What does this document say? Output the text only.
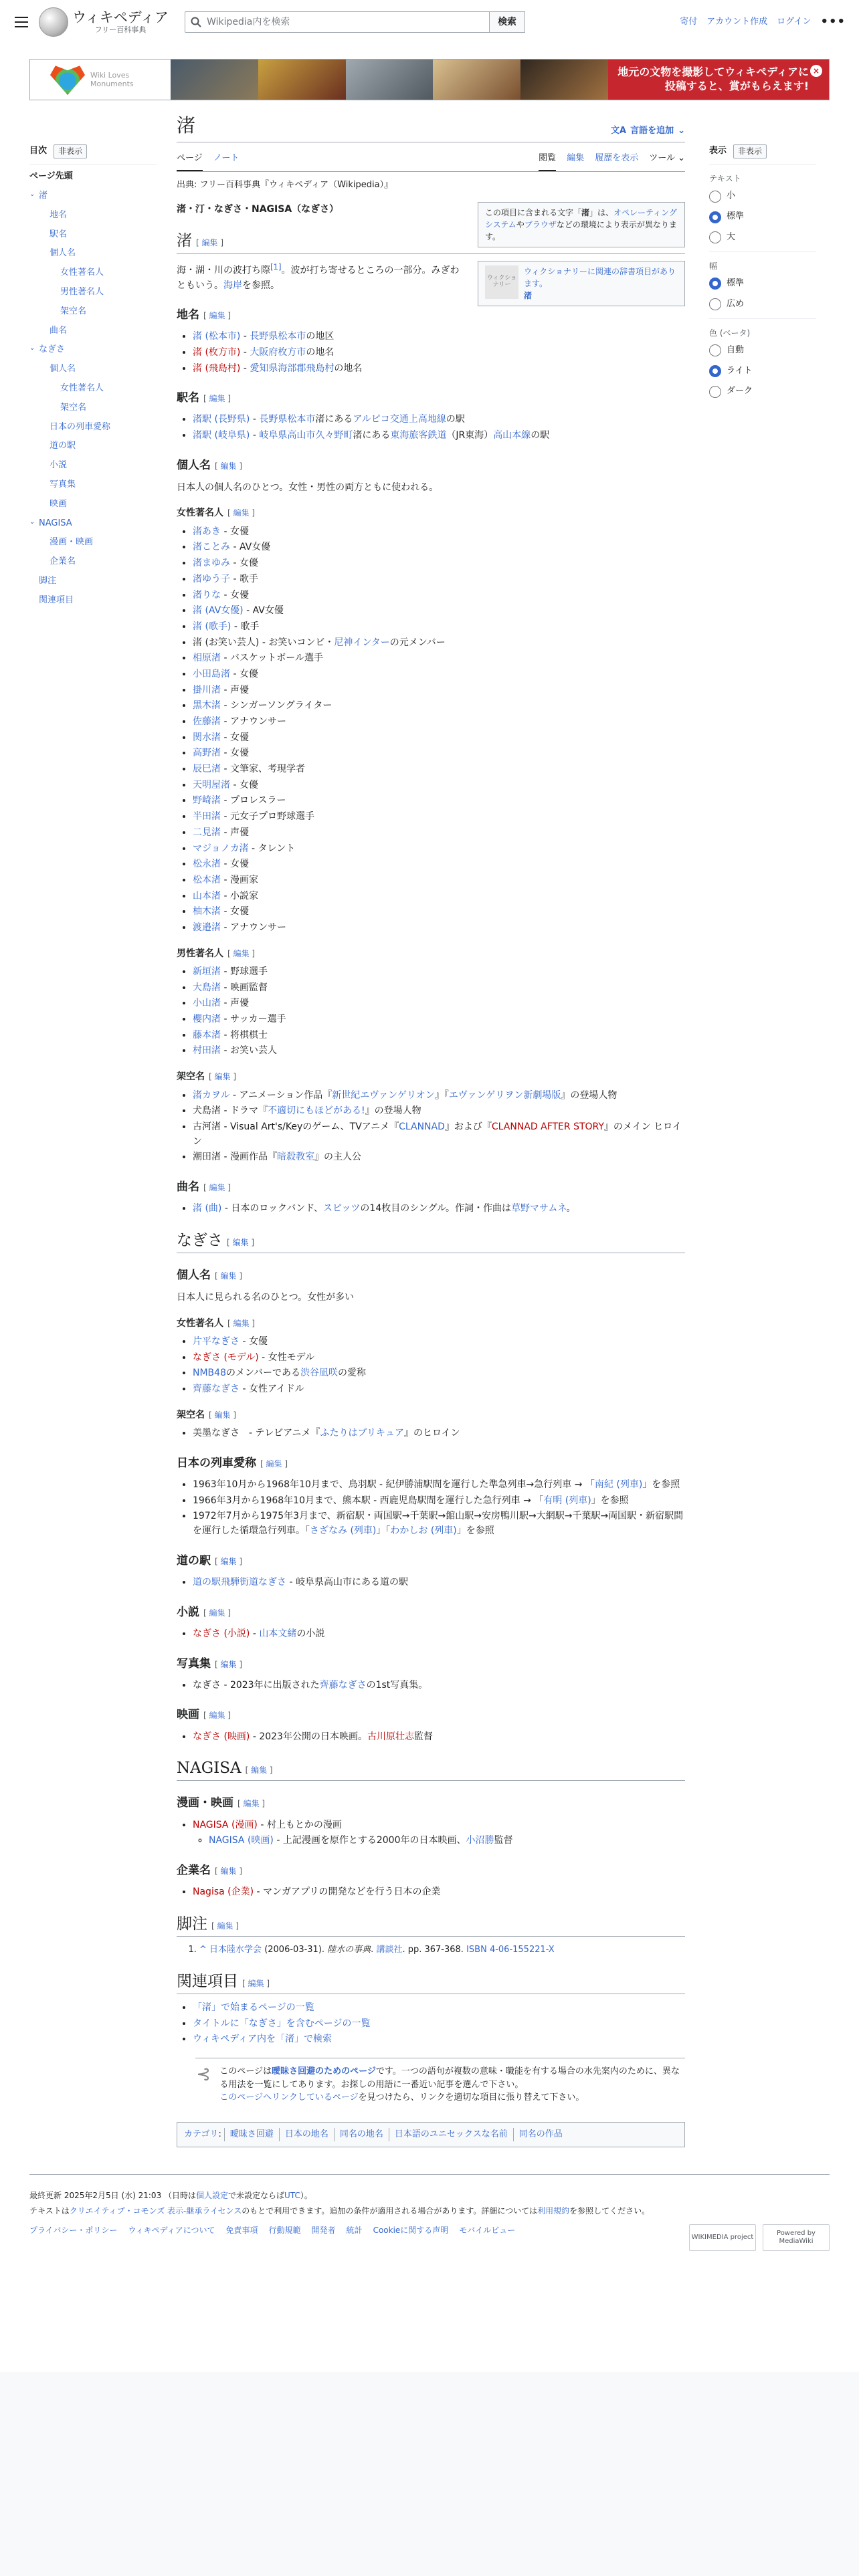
ウィキペディア
フリー百科事典
Wikipedia内を検索	検索	寄付 アカウント作成 ログイン •••
Wiki Loves
Monuments
地元の文物を撮影してウィキペディアに投稿すると、賞がもらえます!
×
目次	非表示
ページ先頭
⌄ 渚
地名
駅名
個人名
女性著名人
男性著名人
架空名
曲名
⌄ なぎさ
個人名
女性著名人
架空名
日本の列車愛称
道の駅
小説
写真集
映画
⌄ NAGISA
漫画・映画
企業名
脚注
関連項目
渚	文A 言語を追加 ⌄
ページ ノート	閲覧 編集 履歴を表示 ツール ⌄
出典: フリー百科事典『ウィキペディア（Wikipedia）』
この項目に含まれる文字「渚」は、オペレーティングシステムやブラウザなどの環境により表示が異なります。

渚・汀・なぎさ・NAGISA（なぎさ）

渚 [ 編集 ]
ウィクショナリー
ウィクショナリーに関連の辞書項目があります。
渚

海・湖・川の波打ち際[1]。波が打ち寄せるところの一部分。みぎわともいう。海岸を参照。

地名 [ 編集 ]
• 渚 (松本市) - 長野県松本市の地区
• 渚 (枚方市) - 大阪府枚方市の地名
• 渚 (飛島村) - 愛知県海部郡飛島村の地名
駅名 [ 編集 ]
• 渚駅 (長野県) - 長野県松本市渚にあるアルピコ交通上高地線の駅
• 渚駅 (岐阜県) - 岐阜県高山市久々野町渚にある東海旅客鉄道（JR東海）高山本線の駅
個人名 [ 編集 ]

日本人の個人名のひとつ。女性・男性の両方ともに使われる。

女性著名人 [ 編集 ]
• 渚あき - 女優
• 渚ことみ - AV女優
• 渚まゆみ - 女優
• 渚ゆう子 - 歌手
• 渚りな - 女優
• 渚 (AV女優) - AV女優
• 渚 (歌手) - 歌手
• 渚 (お笑い芸人) - お笑いコンビ・尼神インターの元メンバー
• 相原渚 - バスケットボール選手
• 小田島渚 - 女優
• 掛川渚 - 声優
• 黒木渚 - シンガーソングライター
• 佐藤渚 - アナウンサー
• 関水渚 - 女優
• 高野渚 - 女優
• 辰巳渚 - 文筆家、考現学者
• 天明屋渚 - 女優
• 野崎渚 - プロレスラー
• 半田渚 - 元女子プロ野球選手
• 二見渚 - 声優
• マジョノカ渚 - タレント
• 松永渚 - 女優
• 松本渚 - 漫画家
• 山本渚 - 小説家
• 柚木渚 - 女優
• 渡邉渚 - アナウンサー
男性著名人 [ 編集 ]
• 新垣渚 - 野球選手
• 大島渚 - 映画監督
• 小山渚 - 声優
• 櫻内渚 - サッカー選手
• 藤本渚 - 将棋棋士
• 村田渚 - お笑い芸人
架空名 [ 編集 ]
• 渚カヲル - アニメーション作品『新世紀エヴァンゲリオン』『エヴァンゲリヲン新劇場版』の登場人物
• 犬島渚 - ドラマ『不適切にもほどがある!』の登場人物
• 古河渚 - Visual Art's/Keyのゲーム、TVアニメ『CLANNAD』および『CLANNAD AFTER STORY』のメイン ヒロイン
• 潮田渚 - 漫画作品『暗殺教室』の主人公
曲名 [ 編集 ]
• 渚 (曲) - 日本のロックバンド、スピッツの14枚目のシングル。作詞・作曲は草野マサムネ。
なぎさ [ 編集 ]
個人名 [ 編集 ]

日本人に見られる名のひとつ。女性が多い

女性著名人 [ 編集 ]
• 片平なぎさ - 女優
• なぎさ (モデル) - 女性モデル
• NMB48のメンバーである渋谷凪咲の愛称
• 齊藤なぎさ - 女性アイドル
架空名 [ 編集 ]
• 美墨なぎさ　- テレビアニメ『ふたりはプリキュア』のヒロイン
日本の列車愛称 [ 編集 ]
• 1963年10月から1968年10月まで、鳥羽駅 - 紀伊勝浦駅間を運行した準急列車→急行列車 → 「南紀 (列車)」を参照
• 1966年3月から1968年10月まで、熊本駅 - 西鹿児島駅間を運行した急行列車 → 「有明 (列車)」を参照
• 1972年7月から1975年3月まで、新宿駅・両国駅→千葉駅→館山駅→安房鴨川駅→大網駅→千葉駅→両国駅・新宿駅間を運行した循環急行列車。「さざなみ (列車)」「わかしお (列車)」を参照
道の駅 [ 編集 ]
• 道の駅飛騨街道なぎさ - 岐阜県高山市にある道の駅
小説 [ 編集 ]
• なぎさ (小説) - 山本文緒の小説
写真集 [ 編集 ]
• なぎさ - 2023年に出版された齊藤なぎさの1st写真集。
映画 [ 編集 ]
• なぎさ (映画) - 2023年公開の日本映画。古川原壮志監督
NAGISA [ 編集 ]
漫画・映画 [ 編集 ]
• NAGISA (漫画) - 村上もとかの漫画
◦ NAGISA (映画) - 上記漫画を原作とする2000年の日本映画、小沼勝監督
企業名 [ 編集 ]
• Nagisa (企業) - マンガアプリの開発などを行う日本の企業
脚注 [ 編集 ]
1. ^ 日本陸水学会 (2006-03-31). 陸水の事典. 講談社. pp. 367-368. ISBN 4-06-155221-X
関連項目 [ 編集 ]
• 「渚」で始まるページの一覧
• タイトルに「なぎさ」を含むページの一覧
• ウィキペディア内を「渚」で検索
⊰ このページは曖昧さ回避のためのページです。一つの語句が複数の意味・職能を有する場合の水先案内のために、異なる用法を一覧にしてあります。お探しの用語に一番近い記事を選んで下さい。
このページへリンクしているページを見つけたら、リンクを適切な項目に張り替えて下さい。
カテゴリ :	曖昧さ回避	日本の地名	同名の地名	日本語のユニセックスな名前	同名の作品
表示	非表示
テキスト
小
標準
大
幅
標準
広め
色 (ベータ)
自動
ライト
ダーク
最終更新 2025年2月5日 (水) 21:03 （日時は個人設定で未設定ならばUTC）。
テキストはクリエイティブ・コモンズ 表示-継承ライセンスのもとで利用できます。追加の条件が適用される場合があります。詳細については利用規約を参照してください。
プライバシー・ポリシー ウィキペディアについて 免責事項 行動規範 開発者 統計 Cookieに関する声明 モバイルビュー
WIKIMEDIA project
Powered by MediaWiki
